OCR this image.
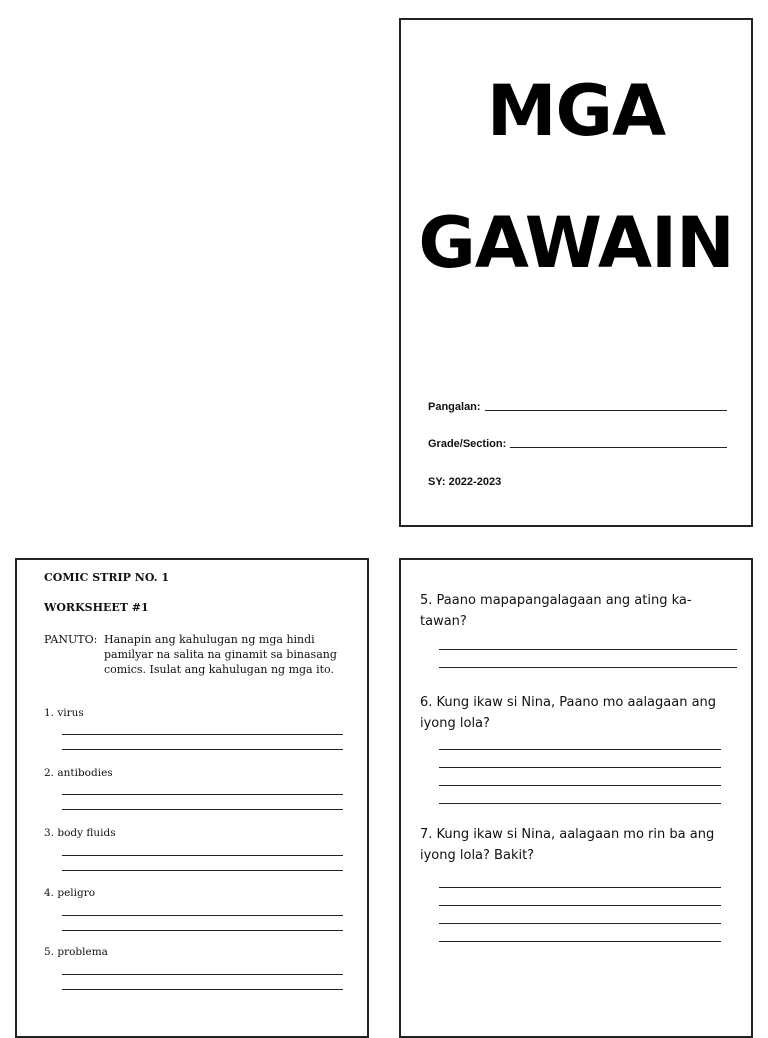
MGA
GAWAIN
Pangalan:
Grade/Section:
SY: 2022-2023
COMIC STRIP NO. 1
WORKSHEET #1
PANUTO: Hanapin ang kahulugan ng mga hindi pamilyar na salita na ginamit sa binasang comics. Isulat ang kahulugan ng mga ito.
1. virus
2. antibodies
3. body fluids
4. peligro
5. problema
5. Paano mapapangalagaan ang ating ka- tawan?
6. Kung ikaw si Nina, Paano mo aalagaan ang iyong lola?
7. Kung ikaw si Nina, aalagaan mo rin ba ang iyong lola? Bakit?
